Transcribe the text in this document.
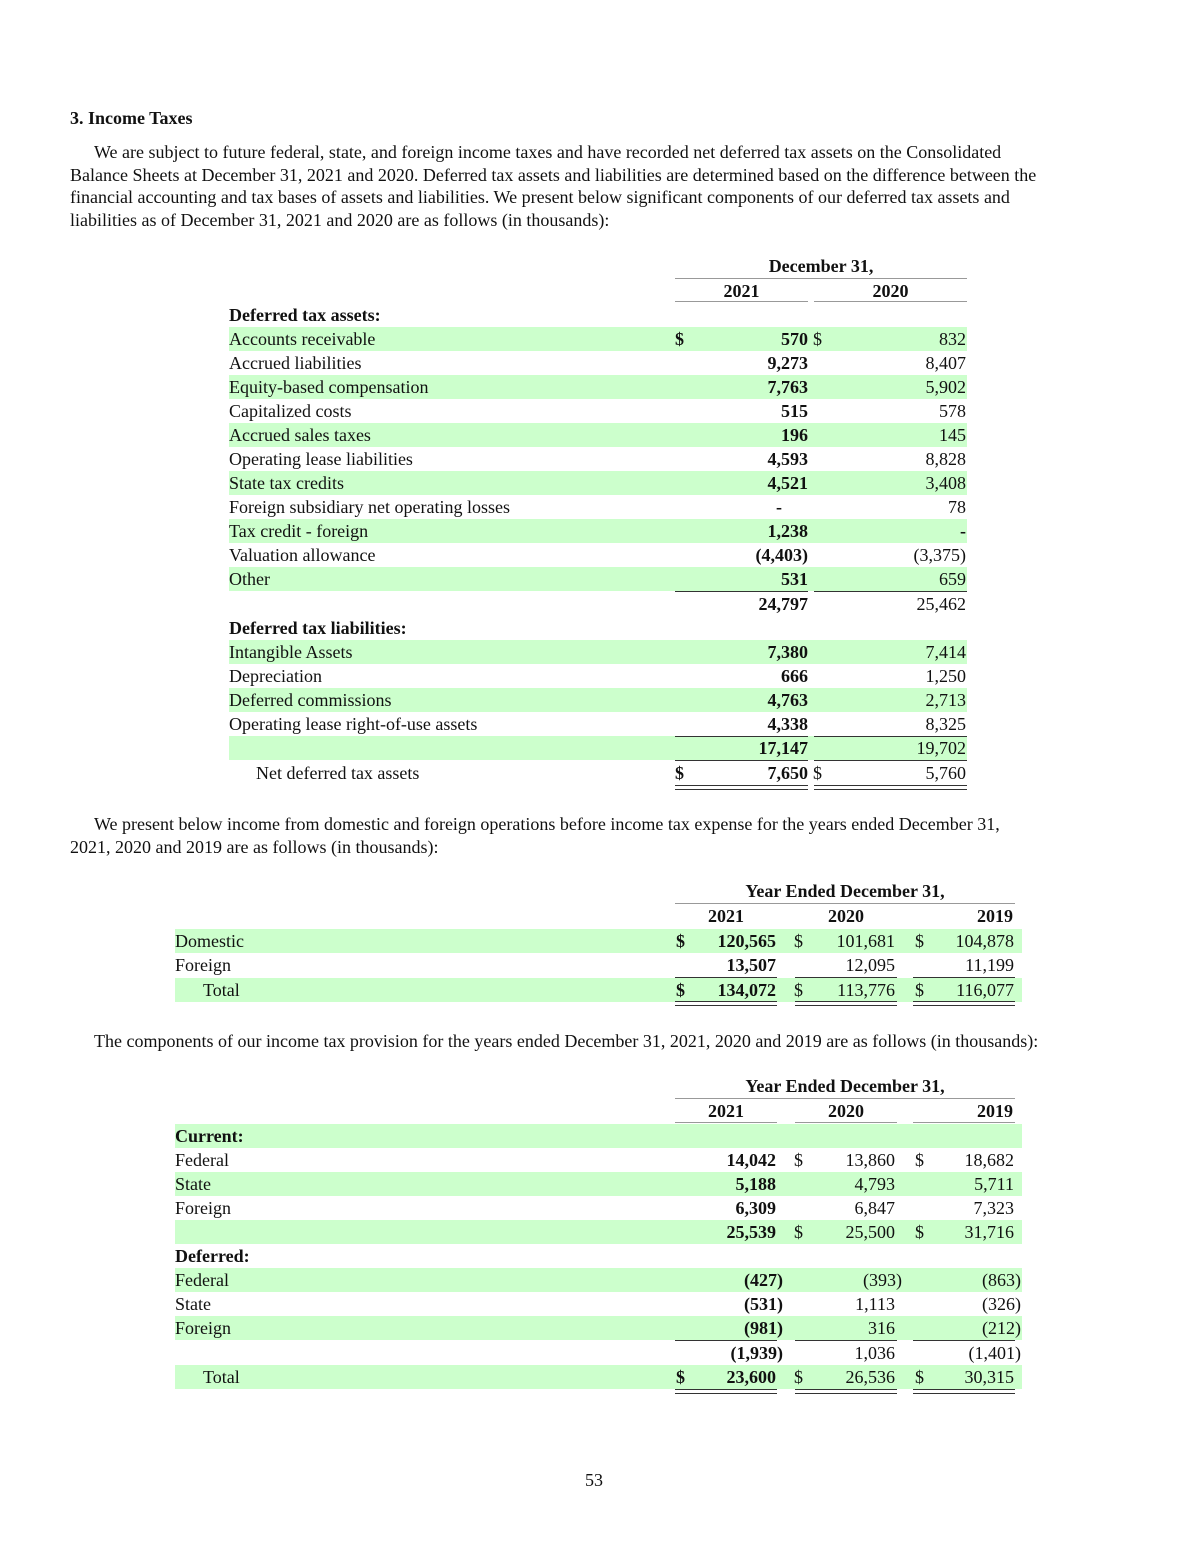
3. Income Taxes
We are subject to future federal, state, and foreign income taxes and have recorded net deferred tax assets on the Consolidated
Balance Sheets at December 31, 2021 and 2020. Deferred tax assets and liabilities are determined based on the difference between the
financial accounting and tax bases of assets and liabilities. We present below significant components of our deferred tax assets and
liabilities as of December 31, 2021 and 2020 are as follows (in thousands):
December 31,
2021	2020
Deferred tax assets:
Accounts receivable	$	570 $	832
Accrued liabilities	9,273	8,407
Equity-based compensation	7,763	5,902
Capitalized costs	515	578
Accrued sales taxes	196	145
Operating lease liabilities	4,593	8,828
State tax credits	4,521	3,408
Foreign subsidiary net operating losses	-	78
Tax credit - foreign	1,238	-
Valuation allowance	(4,403)	(3,375)
Other	531	659
24,797	25,462
Deferred tax liabilities:
Intangible Assets	7,380	7,414
Depreciation	666	1,250
Deferred commissions	4,763	2,713
Operating lease right-of-use assets	4,338	8,325
17,147	19,702
Net deferred tax assets	$	7,650 $	5,760
We present below income from domestic and foreign operations before income tax expense for the years ended December 31,
2021, 2020 and 2019 are as follows (in thousands):
Year Ended December 31,
2021	2020	2019
Domestic	$	120,565 $	101,681 $	104,878
Foreign	13,507	12,095	11,199
Total	$	134,072 $	113,776 $	116,077
The components of our income tax provision for the years ended December 31, 2021, 2020 and 2019 are as follows (in thousands):
Year Ended December 31,
2021	2020	2019
Current:
Federal	14,042 $	13,860 $	18,682
State	5,188	4,793	5,711
Foreign	6,309	6,847	7,323
25,539 $	25,500 $	31,716
Deferred:
Federal	(427)	(393)	(863)
State	(531)	1,113	(326)
Foreign	(981)	316	(212)
(1,939)	1,036	(1,401)
Total	$	23,600 $	26,536 $	30,315
53
